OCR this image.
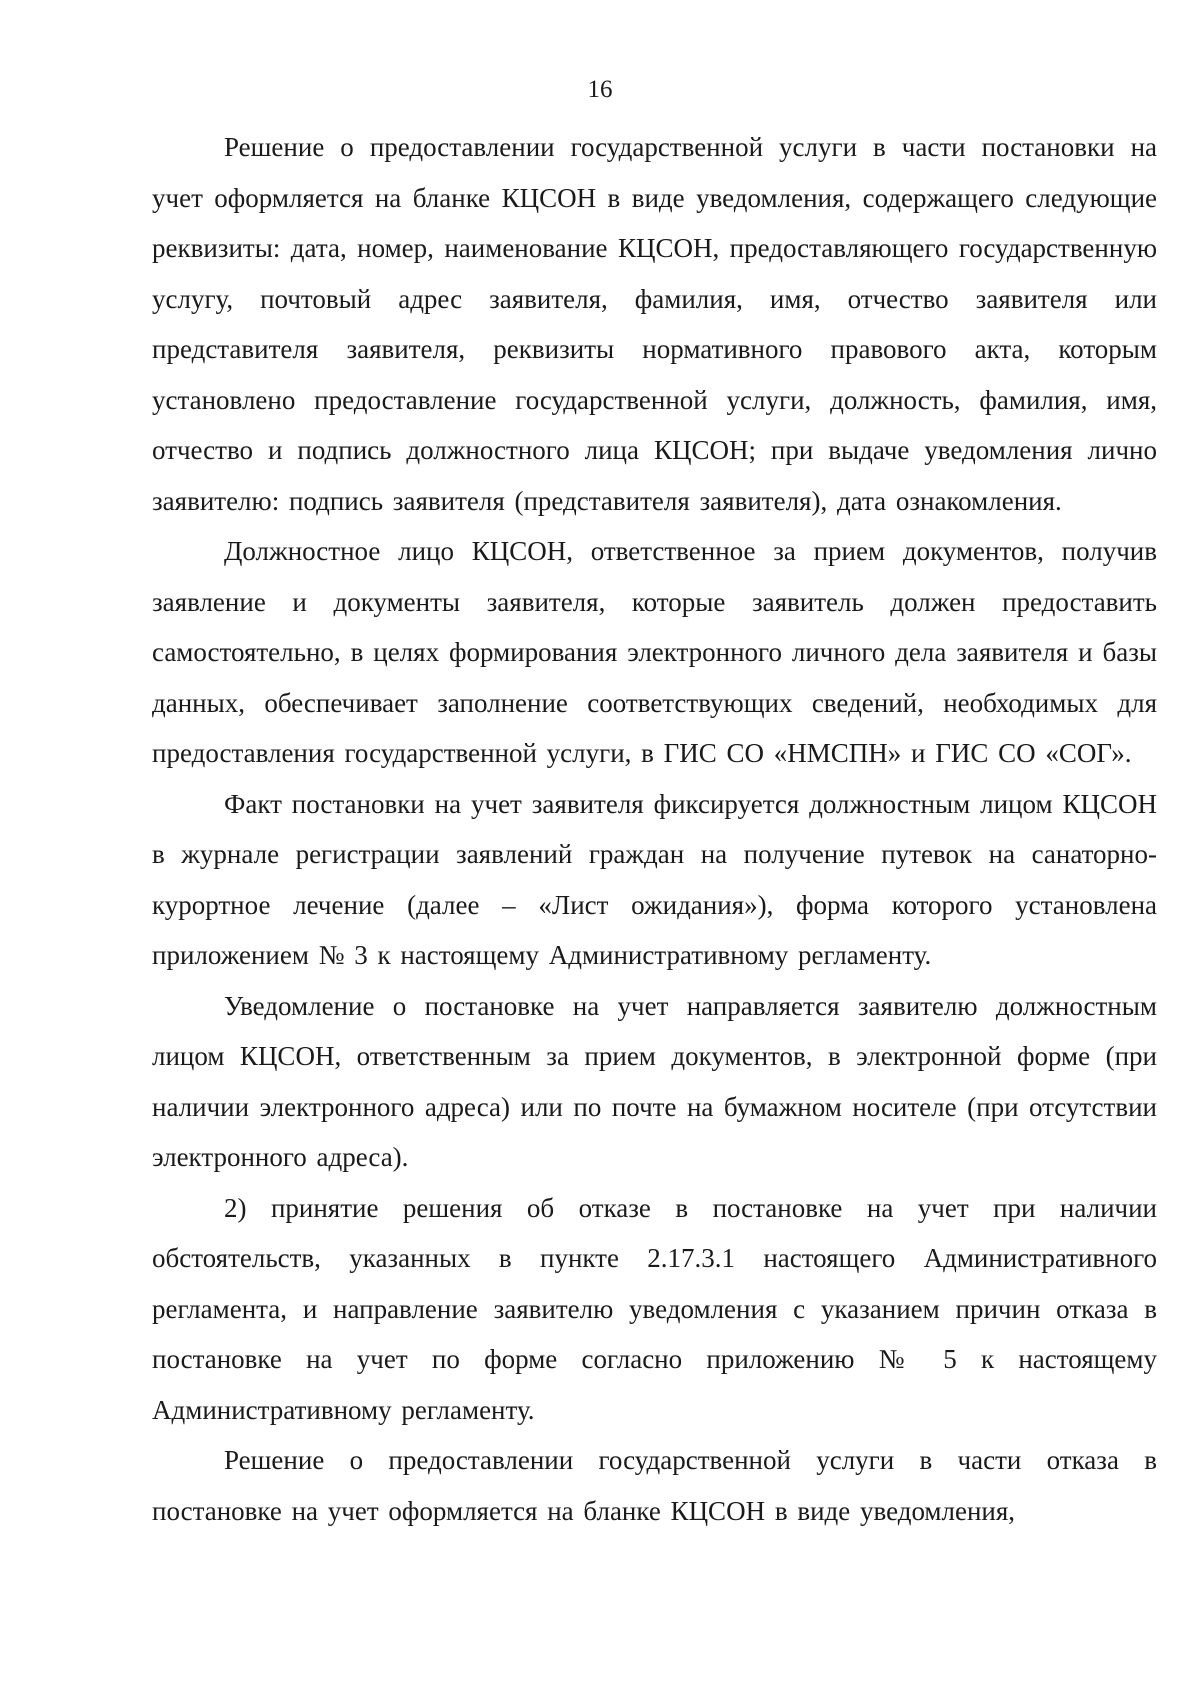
16

Решение о предоставлении государственной услуги в части постановки на учет оформляется на бланке КЦСОН в виде уведомления, содержащего следующие реквизиты: дата, номер, наименование КЦСОН, предоставляющего государственную услугу, почтовый адрес заявителя, фамилия, имя, отчество заявителя или представителя заявителя, реквизиты нормативного правового акта, которым установлено предоставление государственной услуги, должность, фамилия, имя, отчество и подпись должностного лица КЦСОН; при выдаче уведомления лично заявителю: подпись заявителя (представителя заявителя), дата ознакомления.

Должностное лицо КЦСОН, ответственное за прием документов, получив заявление и документы заявителя, которые заявитель должен предоставить самостоятельно, в целях формирования электронного личного дела заявителя и базы данных, обеспечивает заполнение соответствующих сведений, необходимых для предоставления государственной услуги, в ГИС СО «НМСПН» и ГИС СО «СОГ».

Факт постановки на учет заявителя фиксируется должностным лицом КЦСОН в журнале регистрации заявлений граждан на получение путевок на санаторно-курортное лечение (далее – «Лист ожидания»), форма которого установлена приложением № 3 к настоящему Административному регламенту.

Уведомление о постановке на учет направляется заявителю должностным лицом КЦСОН, ответственным за прием документов, в электронной форме (при наличии электронного адреса) или по почте на бумажном носителе (при отсутствии электронного адреса).

2) принятие решения об отказе в постановке на учет при наличии обстоятельств, указанных в пункте 2.17.3.1 настоящего Административного регламента, и направление заявителю уведомления с указанием причин отказа в постановке на учет по форме согласно приложению № 5 к настоящему Административному регламенту.

Решение о предоставлении государственной услуги в части отказа в постановке на учет оформляется на бланке КЦСОН в виде уведомления,
